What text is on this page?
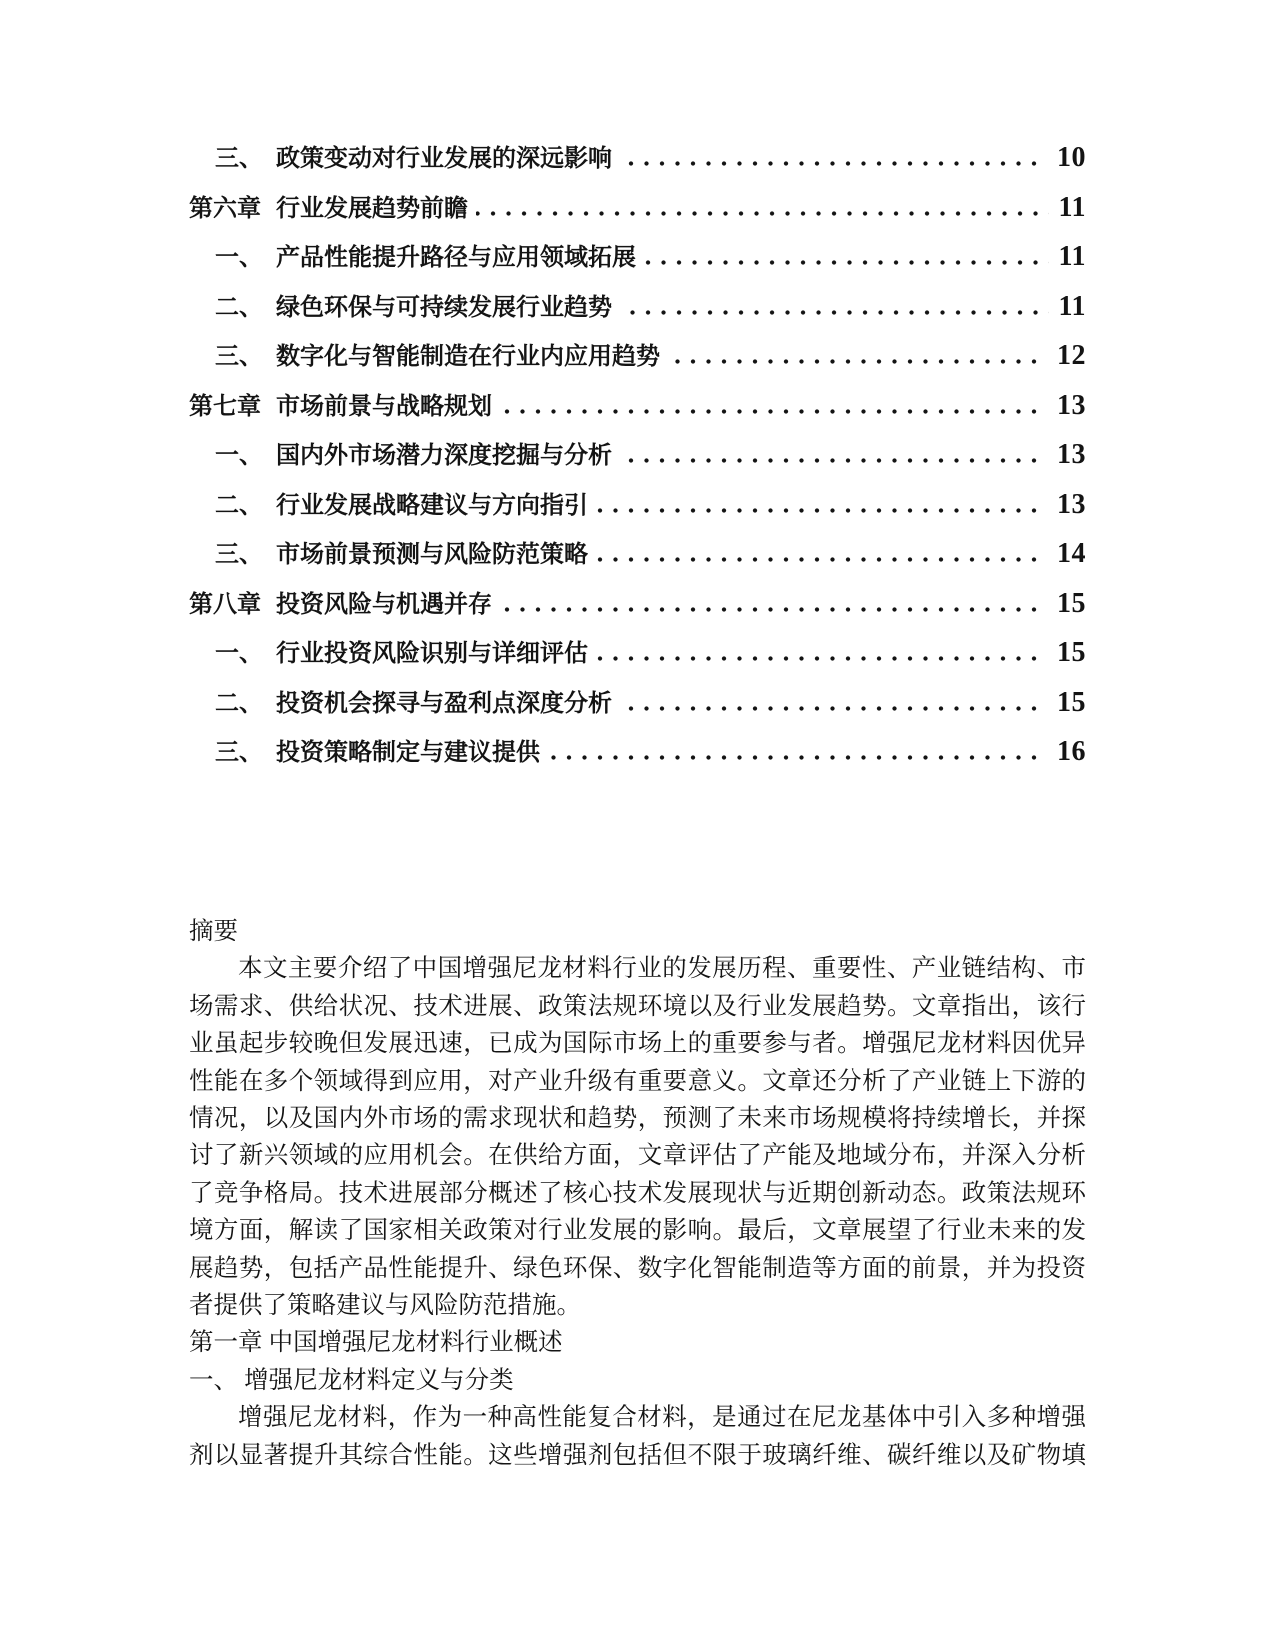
三、 政策变动对行业发展的深远影响	10
第六章 行业发展趋势前瞻	11
一、 产品性能提升路径与应用领域拓展	11
二、 绿色环保与可持续发展行业趋势	11
三、 数字化与智能制造在行业内应用趋势	12
第七章 市场前景与战略规划	13
一、 国内外市场潜力深度挖掘与分析	13
二、 行业发展战略建议与方向指引	13
三、 市场前景预测与风险防范策略	14
第八章 投资风险与机遇并存	15
一、 行业投资风险识别与详细评估	15
二、 投资机会探寻与盈利点深度分析	15
三、 投资策略制定与建议提供	16
摘要
本文主要介绍了中国增强尼龙材料行业的发展历程、重要性、产业链结构、市
场需求、供给状况、技术进展、政策法规环境以及行业发展趋势。文章指出，该行
业虽起步较晚但发展迅速，已成为国际市场上的重要参与者。增强尼龙材料因优异
性能在多个领域得到应用，对产业升级有重要意义。文章还分析了产业链上下游的
情况，以及国内外市场的需求现状和趋势，预测了未来市场规模将持续增长，并探
讨了新兴领域的应用机会。在供给方面，文章评估了产能及地域分布，并深入分析
了竞争格局。技术进展部分概述了核心技术发展现状与近期创新动态。政策法规环
境方面，解读了国家相关政策对行业发展的影响。最后，文章展望了行业未来的发
展趋势，包括产品性能提升、绿色环保、数字化智能制造等方面的前景，并为投资
者提供了策略建议与风险防范措施。
第一章 中国增强尼龙材料行业概述
一、 增强尼龙材料定义与分类
增强尼龙材料，作为一种高性能复合材料，是通过在尼龙基体中引入多种增强
剂以显著提升其综合性能。这些增强剂包括但不限于玻璃纤维、碳纤维以及矿物填
